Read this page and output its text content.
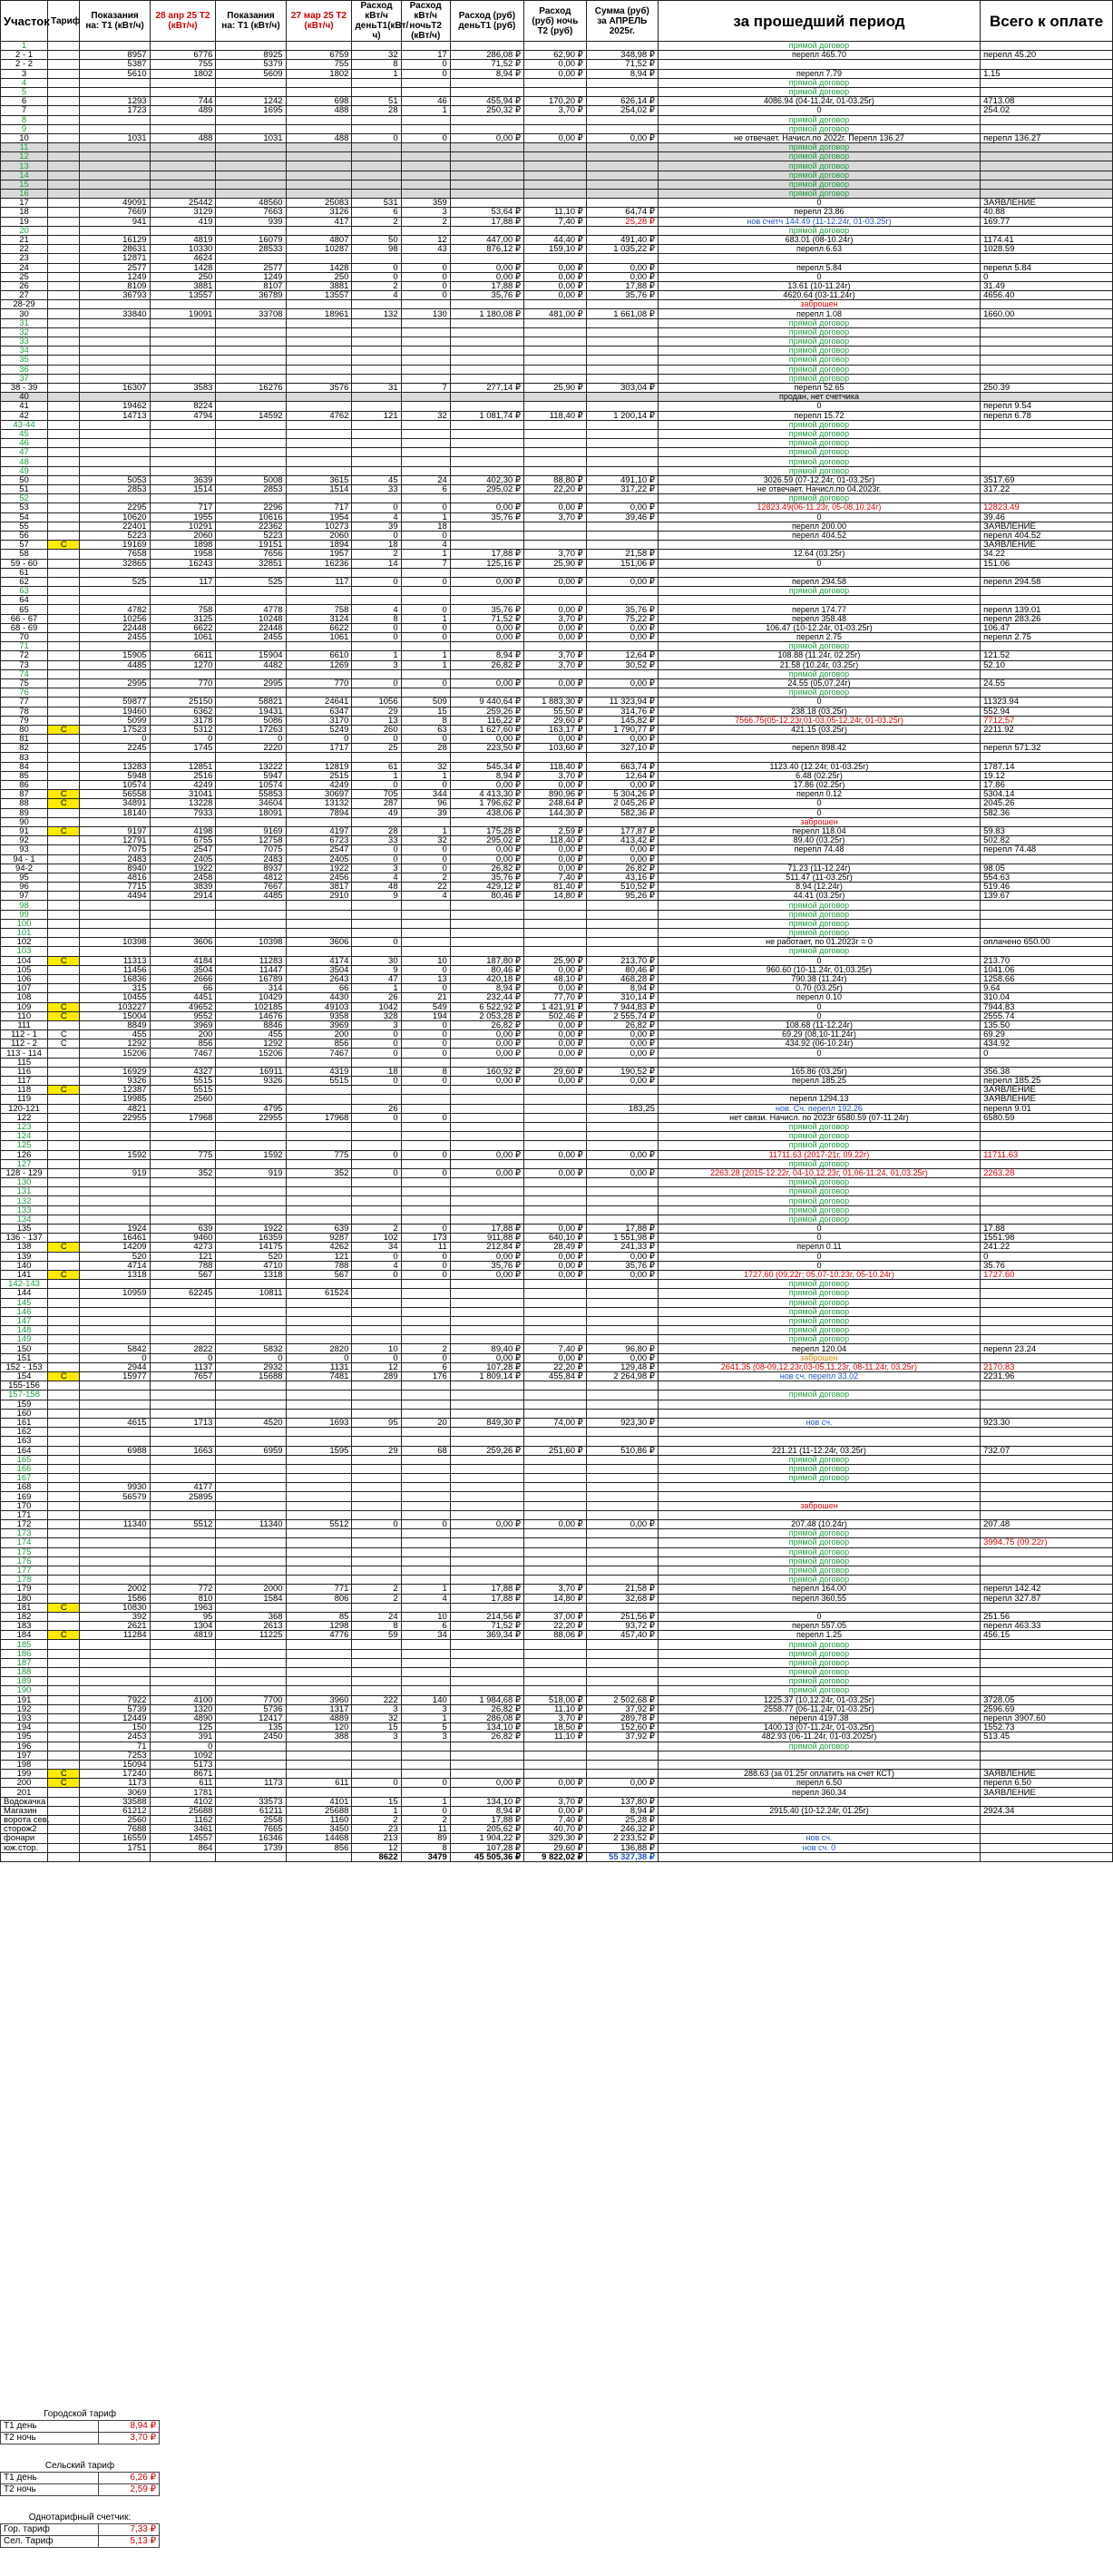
Участок	Тариф	Показания на: Т1 (кВт/ч)	28 апр 25 Т2 (кВт/ч)	Показания на: Т1 (кВт/ч)	27 мар 25 Т2 (кВт/ч)	Расход кВт/ч деньТ1(кВт/ч)	Расход кВт/ч ночьТ2 (кВт/ч)	Расход (руб) деньТ1 (руб)	Расход (руб) ночь Т2 (руб)	Сумма (руб) за АПРЕЛЬ 2025г.	за прошедший период	Всего к оплате
1											прямой договор	
2 - 1		8957	6776	8925	6759	32	17	286,08 ₽	62,90 ₽	348,98 ₽	перепл 465.70	перепл 45.20
2 - 2		5387	755	5379	755	8	0	71,52 ₽	0,00 ₽	71,52 ₽		
3		5610	1802	5609	1802	1	0	8,94 ₽	0,00 ₽	8,94 ₽	перепл 7.79	1.15
4											прямой договор	
5											прямой договор	
6		1293	744	1242	698	51	46	455,94 ₽	170,20 ₽	626,14 ₽	4086.94 (04-11.24г, 01-03.25г)	4713.08
7		1723	489	1695	488	28	1	250,32 ₽	3,70 ₽	254,02 ₽	0	254.02
8											прямой договор	
9											прямой договор	
10		1031	488	1031	488	0	0	0,00 ₽	0,00 ₽	0,00 ₽	не отвечает. Начисл.по 2022г. Перепл 136.27	перепл 136.27
11											прямой договор	
12											прямой договор	
13											прямой договор	
14											прямой договор	
15											прямой договор	
16											прямой договор	
17		49091	25442	48560	25083	531	359				0	ЗАЯВЛЕНИЕ
18		7669	3129	7663	3126	6	3	53,64 ₽	11,10 ₽	64,74 ₽	перепл 23.86	40.88
19		941	419	939	417	2	2	17,88 ₽	7,40 ₽	25,28 ₽	нов счетч 144.49 (11-12.24г, 01-03.25г)	169.77
20											прямой договор	
21		16129	4819	16079	4807	50	12	447,00 ₽	44,40 ₽	491,40 ₽	683.01 (08-10.24г)	1174.41
22		28631	10330	28533	10287	98	43	876,12 ₽	159,10 ₽	1 035,22 ₽	перепл 6.63	1028.59
23		12871	4624									
24		2577	1428	2577	1428	0	0	0,00 ₽	0,00 ₽	0,00 ₽	перепл 5.84	перепл 5.84
25		1249	250	1249	250	0	0	0,00 ₽	0,00 ₽	0,00 ₽	0	0
26		8109	3881	8107	3881	2	0	17,88 ₽	0,00 ₽	17,88 ₽	13.61 (10-11.24г)	31.49
27		36793	13557	36789	13557	4	0	35,76 ₽	0,00 ₽	35,76 ₽	4620.64 (03-11.24г)	4656.40
28-29											заброшен	
30		33840	19091	33708	18961	132	130	1 180,08 ₽	481,00 ₽	1 661,08 ₽	перепл 1.08	1660.00
31											прямой договор	
32											прямой договор	
33											прямой договор	
34											прямой договор	
35											прямой договор	
36											прямой договор	
37											прямой договор	
38 - 39		16307	3583	16276	3576	31	7	277,14 ₽	25,90 ₽	303,04 ₽	перепл 52.65	250.39
40											продан, нет счетчика	
41		19462	8224								0	перепл 9.54
42		14713	4794	14592	4762	121	32	1 081,74 ₽	118,40 ₽	1 200,14 ₽	перепл 15.72	перепл 6.78
43-44											прямой договор	
45											прямой договор	
46											прямой договор	
47											прямой договор	
48											прямой договор	
49											прямой договор	
50		5053	3639	5008	3615	45	24	402,30 ₽	88,80 ₽	491,10 ₽	3026.59 (07-12.24г, 01-03.25г)	3517.69
51		2853	1514	2853	1514	33	6	295,02 ₽	22,20 ₽	317,22 ₽	не отвечает. Начисл.по 04.2023г.	317.22
52											прямой договор	
53		2295	717	2296	717	0	0	0,00 ₽	0,00 ₽	0,00 ₽	12823.49(06-11.23г, 05-08,10.24г)	12823.49
54		10620	1955	10616	1954	4	1	35,76 ₽	3,70 ₽	39,46 ₽	0	39.46
55		22401	10291	22362	10273	39	18				перепл 200.00	ЗАЯВЛЕНИЕ
56		5223	2060	5223	2060	0	0				перепл 404.52	перепл 404.52
57	C	19169	1898	19151	1894	18	4					ЗАЯВЛЕНИЕ
58		7658	1958	7656	1957	2	1	17,88 ₽	3,70 ₽	21,58 ₽	12.64 (03.25г)	34.22
59 - 60		32865	16243	32851	16236	14	7	125,16 ₽	25,90 ₽	151,06 ₽	0	151.06
61												
62		525	117	525	117	0	0	0,00 ₽	0,00 ₽	0,00 ₽	перепл 294.58	перепл 294.58
63											прямой договор	
64												
65		4782	758	4778	758	4	0	35,76 ₽	0,00 ₽	35,76 ₽	перепл 174.77	перепл 139.01
66 - 67		10256	3125	10248	3124	8	1	71,52 ₽	3,70 ₽	75,22 ₽	перепл 358.48	перепл 283.26
68 - 69		22448	6622	22448	6622	0	0	0,00 ₽	0,00 ₽	0,00 ₽	106.47 (10-12.24г, 01-03.25г)	106.47
70		2455	1061	2455	1061	0	0	0,00 ₽	0,00 ₽	0,00 ₽	перепл 2.75	перепл 2.75
71											прямой договор	
72		15905	6611	15904	6610	1	1	8,94 ₽	3,70 ₽	12,64 ₽	108.88 (11.24г, 02.25г)	121.52
73		4485	1270	4482	1269	3	1	26,82 ₽	3,70 ₽	30,52 ₽	21.58 (10.24г, 03.25г)	52.10
74											прямой договор	
75		2995	770	2995	770	0	0	0,00 ₽	0,00 ₽	0,00 ₽	24.55 (05,07.24г)	24.55
76											прямой договор	
77		59877	25150	58821	24641	1056	509	9 440,64 ₽	1 883,30 ₽	11 323,94 ₽	0	11323.94
78		19460	6362	19431	6347	29	15	259,26 ₽	55,50 ₽	314,76 ₽	238.18 (03.25г)	552.94
79		5099	3178	5086	3170	13	8	116,22 ₽	29,60 ₽	145,82 ₽	7566.75(05-12.23г,01-03,05-12.24г, 01-03.25г)	7712.57
80	C	17523	5312	17263	5249	260	63	1 627,60 ₽	163,17 ₽	1 790,77 ₽	421.15 (03.25г)	2211.92
81		0	0	0	0	0	0	0,00 ₽	0,00 ₽	0,00 ₽		
82		2245	1745	2220	1717	25	28	223,50 ₽	103,60 ₽	327,10 ₽	перепл 898.42	перепл 571.32
83												
84		13283	12851	13222	12819	61	32	545,34 ₽	118,40 ₽	663,74 ₽	1123.40 (12.24г, 01-03.25г)	1787.14
85		5948	2516	5947	2515	1	1	8,94 ₽	3,70 ₽	12,64 ₽	6.48 (02.25г)	19.12
86		10574	4249	10574	4249	0	0	0,00 ₽	0,00 ₽	0,00 ₽	17.86 (02.25г)	17.86
87	C	56558	31041	55853	30697	705	344	4 413,30 ₽	890,96 ₽	5 304,26 ₽	перепл 0.12	5304.14
88	C	34891	13228	34604	13132	287	96	1 796,62 ₽	248,64 ₽	2 045,26 ₽	0	2045.26
89		18140	7933	18091	7894	49	39	438,06 ₽	144,30 ₽	582,36 ₽	0	582.36
90											заброшен	
91	C	9197	4198	9169	4197	28	1	175,28 ₽	2,59 ₽	177,87 ₽	перепл 118.04	59.83
92		12791	6755	12758	6723	33	32	295,02 ₽	118,40 ₽	413,42 ₽	89.40 (03.25г)	502.82
93		7075	2547	7075	2547	0	0	0,00 ₽	0,00 ₽	0,00 ₽	перепл 74.48	перепл 74.48
94 - 1		2483	2405	2483	2405	0	0	0,00 ₽	0,00 ₽	0,00 ₽		
94-2		8940	1922	8937	1922	3	0	26,82 ₽	0,00 ₽	26,82 ₽	71.23 (11-12.24г)	98.05
95		4816	2458	4812	2456	4	2	35,76 ₽	7,40 ₽	43,16 ₽	511.47 (11-03.25г)	554.63
96		7715	3839	7667	3817	48	22	429,12 ₽	81,40 ₽	510,52 ₽	8.94 (12.24г)	519.46
97		4494	2914	4485	2910	9	4	80,46 ₽	14,80 ₽	95,26 ₽	44.41 (03.25г)	139.67
98											прямой договор	
99											прямой договор	
100											прямой договор	
101											прямой договор	
102		10398	3606	10398	3606	0					не работает, по 01.2023г = 0	оплачено 650.00
103											прямой договор	
104	C	11313	4184	11283	4174	30	10	187,80 ₽	25,90 ₽	213,70 ₽	0	213.70
105		11456	3504	11447	3504	9	0	80,46 ₽	0,00 ₽	80,46 ₽	960.60 (10-11.24г, 01,03.25г)	1041.06
106		16836	2666	16789	2643	47	13	420,18 ₽	48,10 ₽	468,28 ₽	790.38 (11.24г)	1258.66
107		315	66	314	66	1	0	8,94 ₽	0,00 ₽	8,94 ₽	0.70 (03.25г)	9.64
108		10455	4451	10429	4430	26	21	232,44 ₽	77,70 ₽	310,14 ₽	перепл 0.10	310.04
109	C	103227	49652	102185	49103	1042	549	6 522,92 ₽	1 421,91 ₽	7 944,83 ₽	0	7944.83
110	C	15004	9552	14676	9358	328	194	2 053,28 ₽	502,46 ₽	2 555,74 ₽	0	2555.74
111		8849	3969	8846	3969	3	0	26,82 ₽	0,00 ₽	26,82 ₽	108.68 (11-12.24г)	135.50
112 - 1	C	455	200	455	200	0	0	0,00 ₽	0,00 ₽	0,00 ₽	69.29 (08,10-11.24г)	69.29
112 - 2	C	1292	856	1292	856	0	0	0,00 ₽	0,00 ₽	0,00 ₽	434.92 (06-10.24г)	434.92
113 - 114		15206	7467	15206	7467	0	0	0,00 ₽	0,00 ₽	0,00 ₽	0	0
115												
116		16929	4327	16911	4319	18	8	160,92 ₽	29,60 ₽	190,52 ₽	165.86 (03.25г)	356.38
117		9326	5515	9326	5515	0	0	0,00 ₽	0,00 ₽	0,00 ₽	перепл 185.25	перепл 185.25
118	C	12387	5515									ЗАЯВЛЕНИЕ
119		19985	2560								перепл 1294.13	ЗАЯВЛЕНИЕ
120-121		4821		4795		26				183,25	нов. Сч. перепл 192.26	перепл 9.01
122		22955	17968	22955	17968	0	0				нет связи. Начисл. по 2023г 6580.59 (07-11.24г)	6580.59
123											прямой договор	
124											прямой договор	
125											прямой договор	
126		1592	775	1592	775	0	0	0,00 ₽	0,00 ₽	0,00 ₽	11711.63 (2017-21г, 09.22г)	11711.63
127											прямой договор	
128 - 129		919	352	919	352	0	0	0,00 ₽	0,00 ₽	0,00 ₽	2263.28 (2015-12.22г, 04-10,12.23г, 01,06-11.24, 01,03.25г)	2263.28
130											прямой договор	
131											прямой договор	
132											прямой договор	
133											прямой договор	
134											прямой договор	
135		1924	639	1922	639	2	0	17,88 ₽	0,00 ₽	17,88 ₽	0	17.88
136 - 137		16461	9460	16359	9287	102	173	911,88 ₽	640,10 ₽	1 551,98 ₽	0	1551.98
138	C	14209	4273	14175	4262	34	11	212,84 ₽	28,49 ₽	241,33 ₽	перепл 0.11	241.22
139		520	121	520	121	0	0	0,00 ₽	0,00 ₽	0,00 ₽	0	0
140		4714	788	4710	788	4	0	35,76 ₽	0,00 ₽	35,76 ₽	0	35.76
141	C	1318	567	1318	567	0	0	0,00 ₽	0,00 ₽	0,00 ₽	1727.60 (09.22г; 05,07-10.23г, 05-10.24г)	1727.60
142-143											прямой договор	
144		10959	62245	10811	61524						прямой договор	
145											прямой договор	
146											прямой договор	
147											прямой договор	
148											прямой договор	
149											прямой договор	
150		5842	2822	5832	2820	10	2	89,40 ₽	7,40 ₽	96,80 ₽	перепл 120.04	перепл 23.24
151		0	0	0	0	0	0	0,00 ₽	0,00 ₽	0,00 ₽	заброшен	
152 - 153		2944	1137	2932	1131	12	6	107,28 ₽	22,20 ₽	129,48 ₽	2641.35 (08-09,12.23г,03-05,11.23г, 08-11.24г, 03.25г)	2170.83
154	C	15977	7657	15688	7481	289	176	1 809,14 ₽	455,84 ₽	2 264,98 ₽	нов сч. перепл 33.02	2231.96
155-156												
157-158											прямой договор	
159												
160												
161		4615	1713	4520	1693	95	20	849,30 ₽	74,00 ₽	923,30 ₽	нов сч.	923.30
162												
163												
164		6988	1663	6959	1595	29	68	259,26 ₽	251,60 ₽	510,86 ₽	221.21 (11-12.24г, 03.25г)	732.07
165											прямой договор	
166											прямой договор	
167											прямой договор	
168		9930	4177									
169		56579	25895									
170											заброшен	
171												
172		11340	5512	11340	5512	0	0	0,00 ₽	0,00 ₽	0,00 ₽	207.48 (10.24г)	207.48
173											прямой договор	
174											прямой договор	3994.75 (09.22г)
175											прямой договор	
176											прямой договор	
177											прямой договор	
178											прямой договор	
179		2002	772	2000	771	2	1	17,88 ₽	3,70 ₽	21,58 ₽	перепл 164.00	перепл 142.42
180		1586	810	1584	806	2	4	17,88 ₽	14,80 ₽	32,68 ₽	перепл 360.55	перепл 327.87
181	C	10830	1963									
182		392	95	368	85	24	10	214,56 ₽	37,00 ₽	251,56 ₽	0	251.56
183		2621	1304	2613	1298	8	6	71,52 ₽	22,20 ₽	93,72 ₽	перепл 557.05	перепл 463.33
184	C	11284	4819	11225	4776	59	34	369,34 ₽	88,06 ₽	457,40 ₽	перепл 1.25	456.15
185											прямой договор	
186											прямой договор	
187											прямой договор	
188											прямой договор	
189											прямой договор	
190											прямой договор	
191		7922	4100	7700	3960	222	140	1 984,68 ₽	518,00 ₽	2 502,68 ₽	1225.37 (10,12.24г, 01-03.25г)	3728.05
192		5739	1320	5736	1317	3	3	26,82 ₽	11,10 ₽	37,92 ₽	2558.77 (06-11.24г, 01-03.25г)	2596.69
193		12449	4890	12417	4889	32	1	286,08 ₽	3,70 ₽	289,78 ₽	перепл 4197.38	перепл 3907.60
194		150	125	135	120	15	5	134,10 ₽	18,50 ₽	152,60 ₽	1400.13 (07-11.24г, 01-03.25г)	1552.73
195		2453	391	2450	388	3	3	26,82 ₽	11,10 ₽	37,92 ₽	482.93 (06-11.24г, 01-03.2025г)	513.45
196		71	0								прямой договор	
197		7253	1092									
198		15094	5173									
199	C	17240	8671								288.63 (за 01.25г оплатить на счет КСТ)	ЗАЯВЛЕНИЕ
200	C	1173	611	1173	611	0	0	0,00 ₽	0,00 ₽	0,00 ₽	перепл 6.50	перепл 6.50
201		3069	1781								перепл 360.34	ЗАЯВЛЕНИЕ
Водокачка		33588	4102	33573	4101	15	1	134,10 ₽	3,70 ₽	137,80 ₽		
Магазин		61212	25688	61211	25688	1	0	8,94 ₽	0,00 ₽	8,94 ₽	2915.40 (10-12.24г, 01.25г)	2924.34
ворота сев.		2560	1162	2558	1160	2	2	17,88 ₽	7,40 ₽	25,28 ₽		
сторож2		7688	3461	7665	3450	23	11	205,62 ₽	40,70 ₽	246,32 ₽		
фонари		16559	14557	16346	14468	213	89	1 904,22 ₽	329,30 ₽	2 233,52 ₽	нов сч.	
юж.стор.		1751	864	1739	856	12	8	107,28 ₽	29,60 ₽	136,88 ₽	нов сч. 0	
						8622	3479	45 505,36 ₽	9 822,02 ₽	55 327,38 ₽		
Городской тариф	
Т1 день	8,94 ₽
Т2 ночь	3,70 ₽
Сельский тариф	
Т1 день	6,26 ₽
Т2 ночь	2,59 ₽
Однотарифный счетчик:	
Гор. тариф	7,33 ₽
Сел. Тариф	5,13 ₽
